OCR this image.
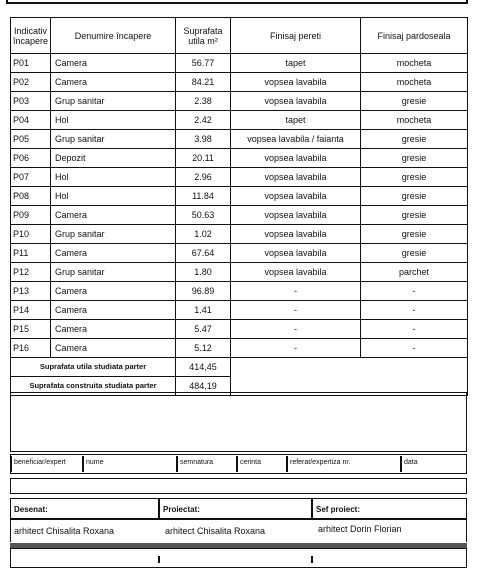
Indicativ încapere	Denumire încapere	Suprafata utila m²	Finisaj pereti	Finisaj pardoseala
P01	Camera	56.77	tapet	mocheta
P02	Camera	84.21	vopsea lavabila	mocheta
P03	Grup sanitar	2.38	vopsea lavabila	gresie
P04	Hol	2.42	tapet	mocheta
P05	Grup sanitar	3.98	vopsea lavabila / faianta	gresie
P06	Depozit	20.11	vopsea lavabila	gresie
P07	Hol	2.96	vopsea lavabila	gresie
P08	Hol	11.84	vopsea lavabila	gresie
P09	Camera	50.63	vopsea lavabila	gresie
P10	Grup sanitar	1.02	vopsea lavabila	gresie
P11	Camera	67.64	vopsea lavabila	gresie
P12	Grup sanitar	1.80	vopsea lavabila	parchet
P13	Camera	96.89	-	-
P14	Camera	1.41	-	-
P15	Camera	5.47	-	-
P16	Camera	5.12	-	-
Suprafata utila studiata parter		414,45		
Suprafata construita studiata parter		484,19		
beneficiar/expert	nume	semnatura	cerinta	referat/expertiza nr.	data
Desenat:	Proiectat:	Sef proiect:
arhitect Chisalita Roxana	arhitect Chisalita Roxana	arhitect Dorin Florian
